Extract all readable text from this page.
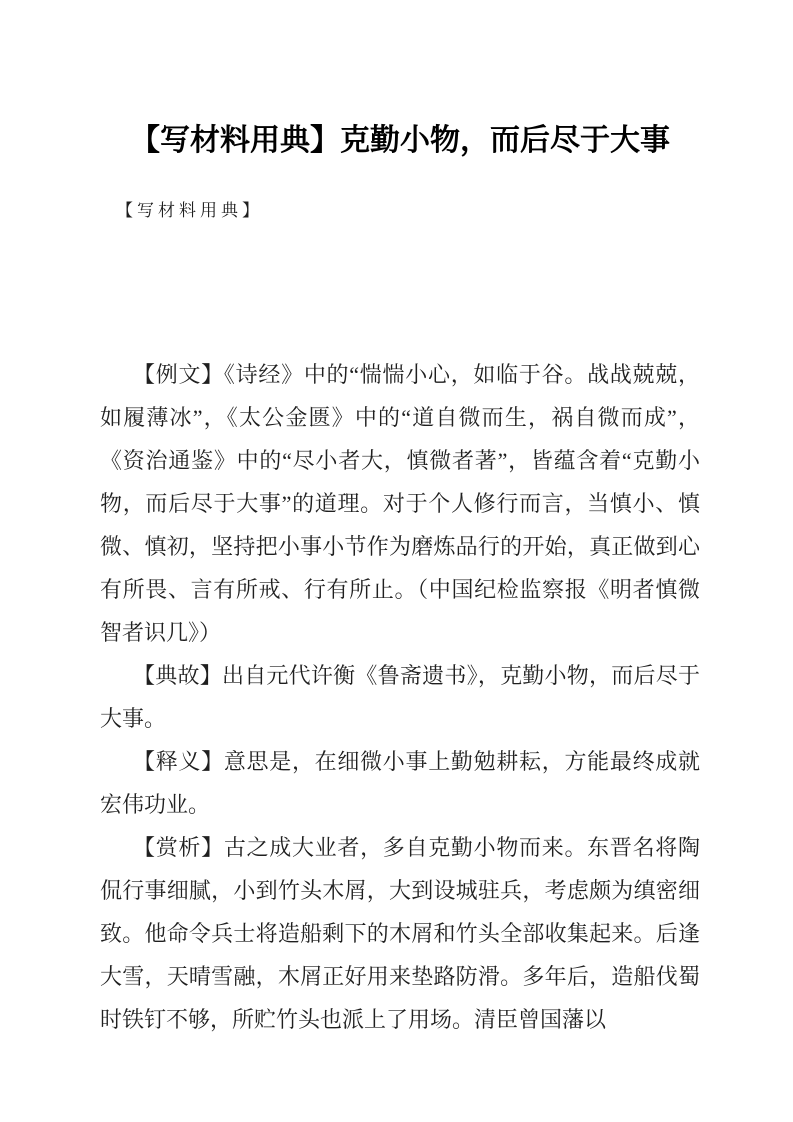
【写材料用典】克勤小物，而后尽于大事
【写材料用典】

【例文】《诗经》中的“惴惴小心，如临于谷。战战兢兢，如履薄冰”，《太公金匮》中的“道自微而生，祸自微而成”，《资治通鉴》中的“尽小者大，慎微者著”，皆蕴含着“克勤小物，而后尽于大事”的道理。对于个人修行而言，当慎小、慎微、慎初，坚持把小事小节作为磨炼品行的开始，真正做到心有所畏、言有所戒、行有所止。（中国纪检监察报《明者慎微 智者识几》）

【典故】出自元代许衡《鲁斋遗书》，克勤小物，而后尽于大事。

【释义】意思是，在细微小事上勤勉耕耘，方能最终成就宏伟功业。

【赏析】古之成大业者，多自克勤小物而来。东晋名将陶侃行事细腻，小到竹头木屑，大到设城驻兵，考虑颇为缜密细致。他命令兵士将造船剩下的木屑和竹头全部收集起来。后逢大雪，天晴雪融，木屑正好用来垫路防滑。多年后，造船伐蜀时铁钉不够，所贮竹头也派上了用场。清臣曾国藩以
